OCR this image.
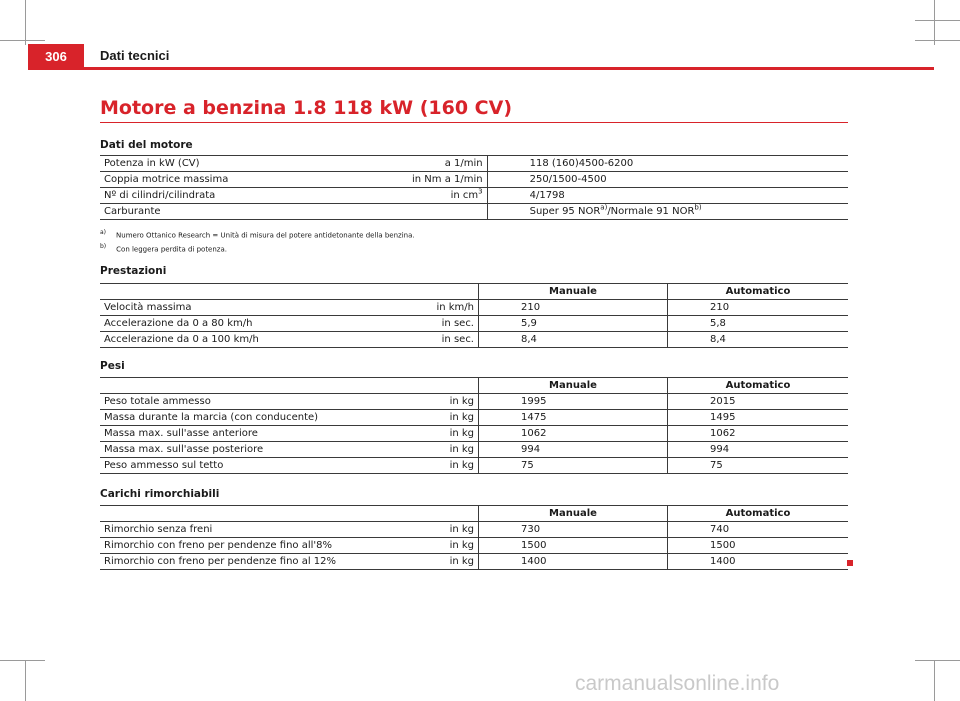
306	Dati tecnici
Motore a benzina 1.8 118 kW (160 CV)
Dati del motore
Potenza in kW (CV)	a 1/min	118 (160)4500-6200
Coppia motrice massima	in Nm a 1/min	250/1500-4500
Nº di cilindri/cilindrata	in $cm^3$	4/1798
Carburante		Super 95 NOR$^{a)}$/Normale 91 NOR$^{b)}$
$^{a)}$ Numero Ottanico Research = Unità di misura del potere antidetonante della benzina.
$^{b)}$ Con leggera perdita di potenza.
Prestazioni
		Manuale	Automatico
Velocità massima	in km/h	210	210
Accelerazione da 0 a 80 km/h	in sec.	5,9	5,8
Accelerazione da 0 a 100 km/h	in sec.	8,4	8,4
Pesi
		Manuale	Automatico
Peso totale ammesso	in kg	1995	2015
Massa durante la marcia (con conducente)	in kg	1475	1495
Massa max. sull'asse anteriore	in kg	1062	1062
Massa max. sull'asse posteriore	in kg	994	994
Peso ammesso sul tetto	in kg	75	75
Carichi rimorchiabili
		Manuale	Automatico
Rimorchio senza freni	in kg	730	740
Rimorchio con freno per pendenze fino all'8%	in kg	1500	1500
Rimorchio con freno per pendenze fino al 12%	in kg	1400	1400
carmanualsonline.info
